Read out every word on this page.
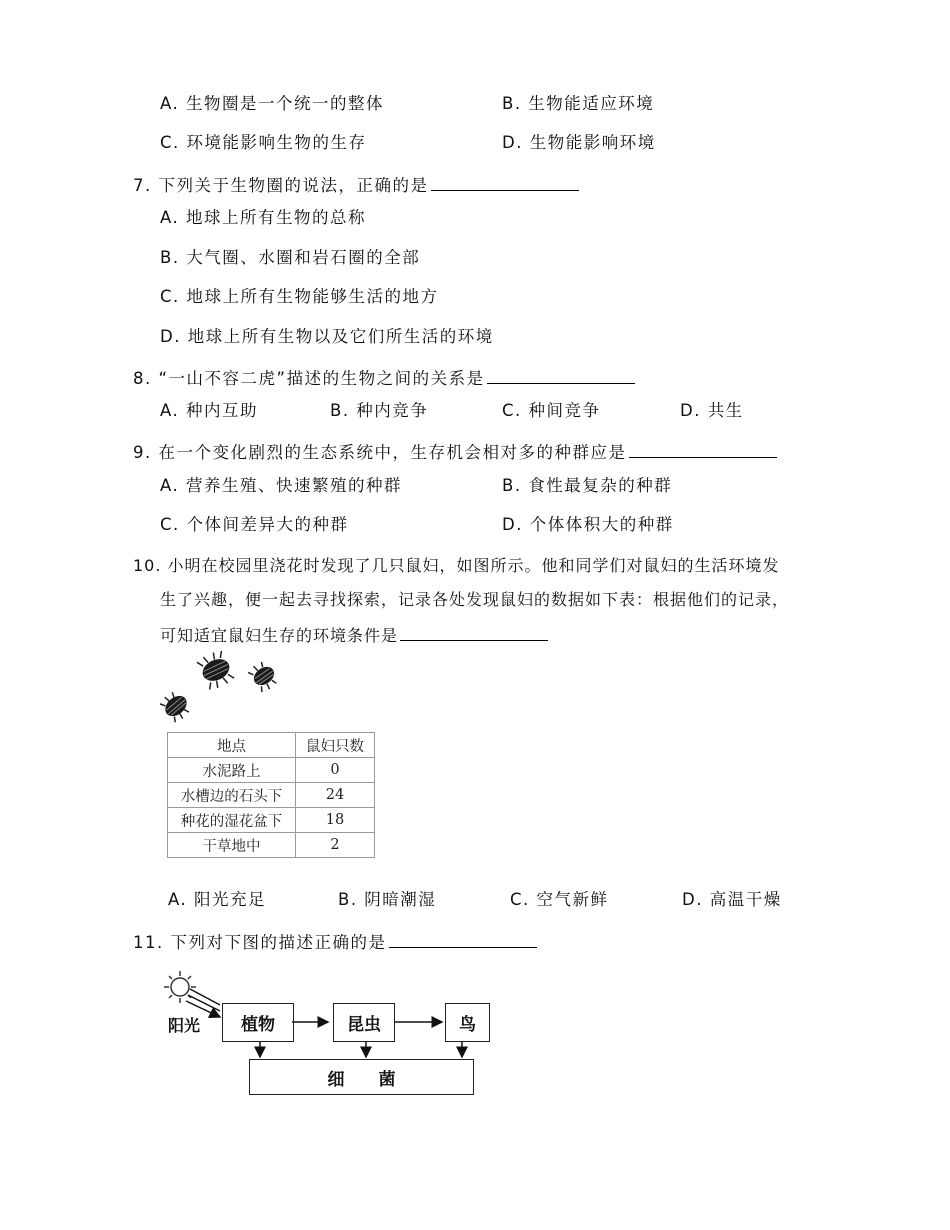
A. 生物圈是一个统一的整体	B. 生物能适应环境
C. 环境能影响生物的生存	D. 生物能影响环境
7. 下列关于生物圈的说法，正确的是
A. 地球上所有生物的总称
B. 大气圈、水圈和岩石圈的全部
C. 地球上所有生物能够生活的地方
D. 地球上所有生物以及它们所生活的环境
8. “一山不容二虎”描述的生物之间的关系是
A. 种内互助	B. 种内竞争	C. 种间竞争	D. 共生
9. 在一个变化剧烈的生态系统中，生存机会相对多的种群应是
A. 营养生殖、快速繁殖的种群	B. 食性最复杂的种群
C. 个体间差异大的种群	D. 个体体积大的种群
10. 小明在校园里浇花时发现了几只鼠妇，如图所示。他和同学们对鼠妇的生活环境发
生了兴趣，便一起去寻找探索，记录各处发现鼠妇的数据如下表：根据他们的记录，
可知适宜鼠妇生存的环境条件是
地点	鼠妇只数
水泥路上	0
水槽边的石头下	24
种花的湿花盆下	18
干草地中	2
A. 阳光充足	B. 阴暗潮湿	C. 空气新鲜	D. 高温干燥
11. 下列对下图的描述正确的是
阳光	植物	昆虫	鸟
细　　菌
